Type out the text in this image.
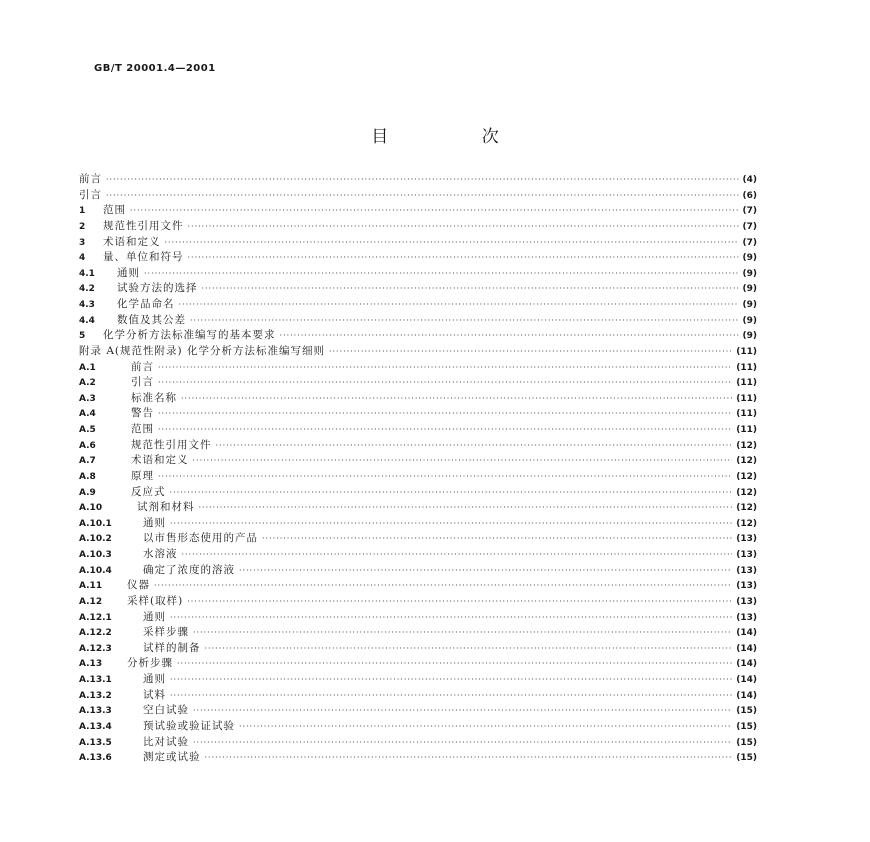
GB/T 20001.4—2001
目 次
前言 ·····	(4)
引言 ·····	(6)
1	范围 ·····	(7)
2	规范性引用文件 ·····	(7)
3	术语和定义 ·····	(7)
4	量、单位和符号 ·····	(9)
4.1	通则 ·····	(9)
4.2	试验方法的选择 ·····	(9)
4.3	化学品命名 ·····	(9)
4.4	数值及其公差 ·····	(9)
5	化学分析方法标准编写的基本要求 ·····	(9)
附录 A(规范性附录) 化学分析方法标准编写细则 ·····	(11)
A.1	前言 ·····	(11)
A.2	引言 ·····	(11)
A.3	标准名称 ·····	(11)
A.4	警告 ·····	(11)
A.5	范围 ·····	(11)
A.6	规范性引用文件 ·····	(12)
A.7	术语和定义 ·····	(12)
A.8	原理 ·····	(12)
A.9	反应式 ·····	(12)
A.10	试剂和材料 ·····	(12)
A.10.1	通则 ·····	(12)
A.10.2	以市售形态使用的产品 ·····	(13)
A.10.3	水溶液 ·····	(13)
A.10.4	确定了浓度的溶液 ·····	(13)
A.11	仪器 ·····	(13)
A.12	采样(取样) ·····	(13)
A.12.1	通则 ·····	(13)
A.12.2	采样步骤 ·····	(14)
A.12.3	试样的制备 ·····	(14)
A.13	分析步骤 ·····	(14)
A.13.1	通则 ·····	(14)
A.13.2	试料 ·····	(14)
A.13.3	空白试验 ·····	(15)
A.13.4	预试验或验证试验 ·····	(15)
A.13.5	比对试验 ·····	(15)
A.13.6	测定或试验 ·····	(15)
